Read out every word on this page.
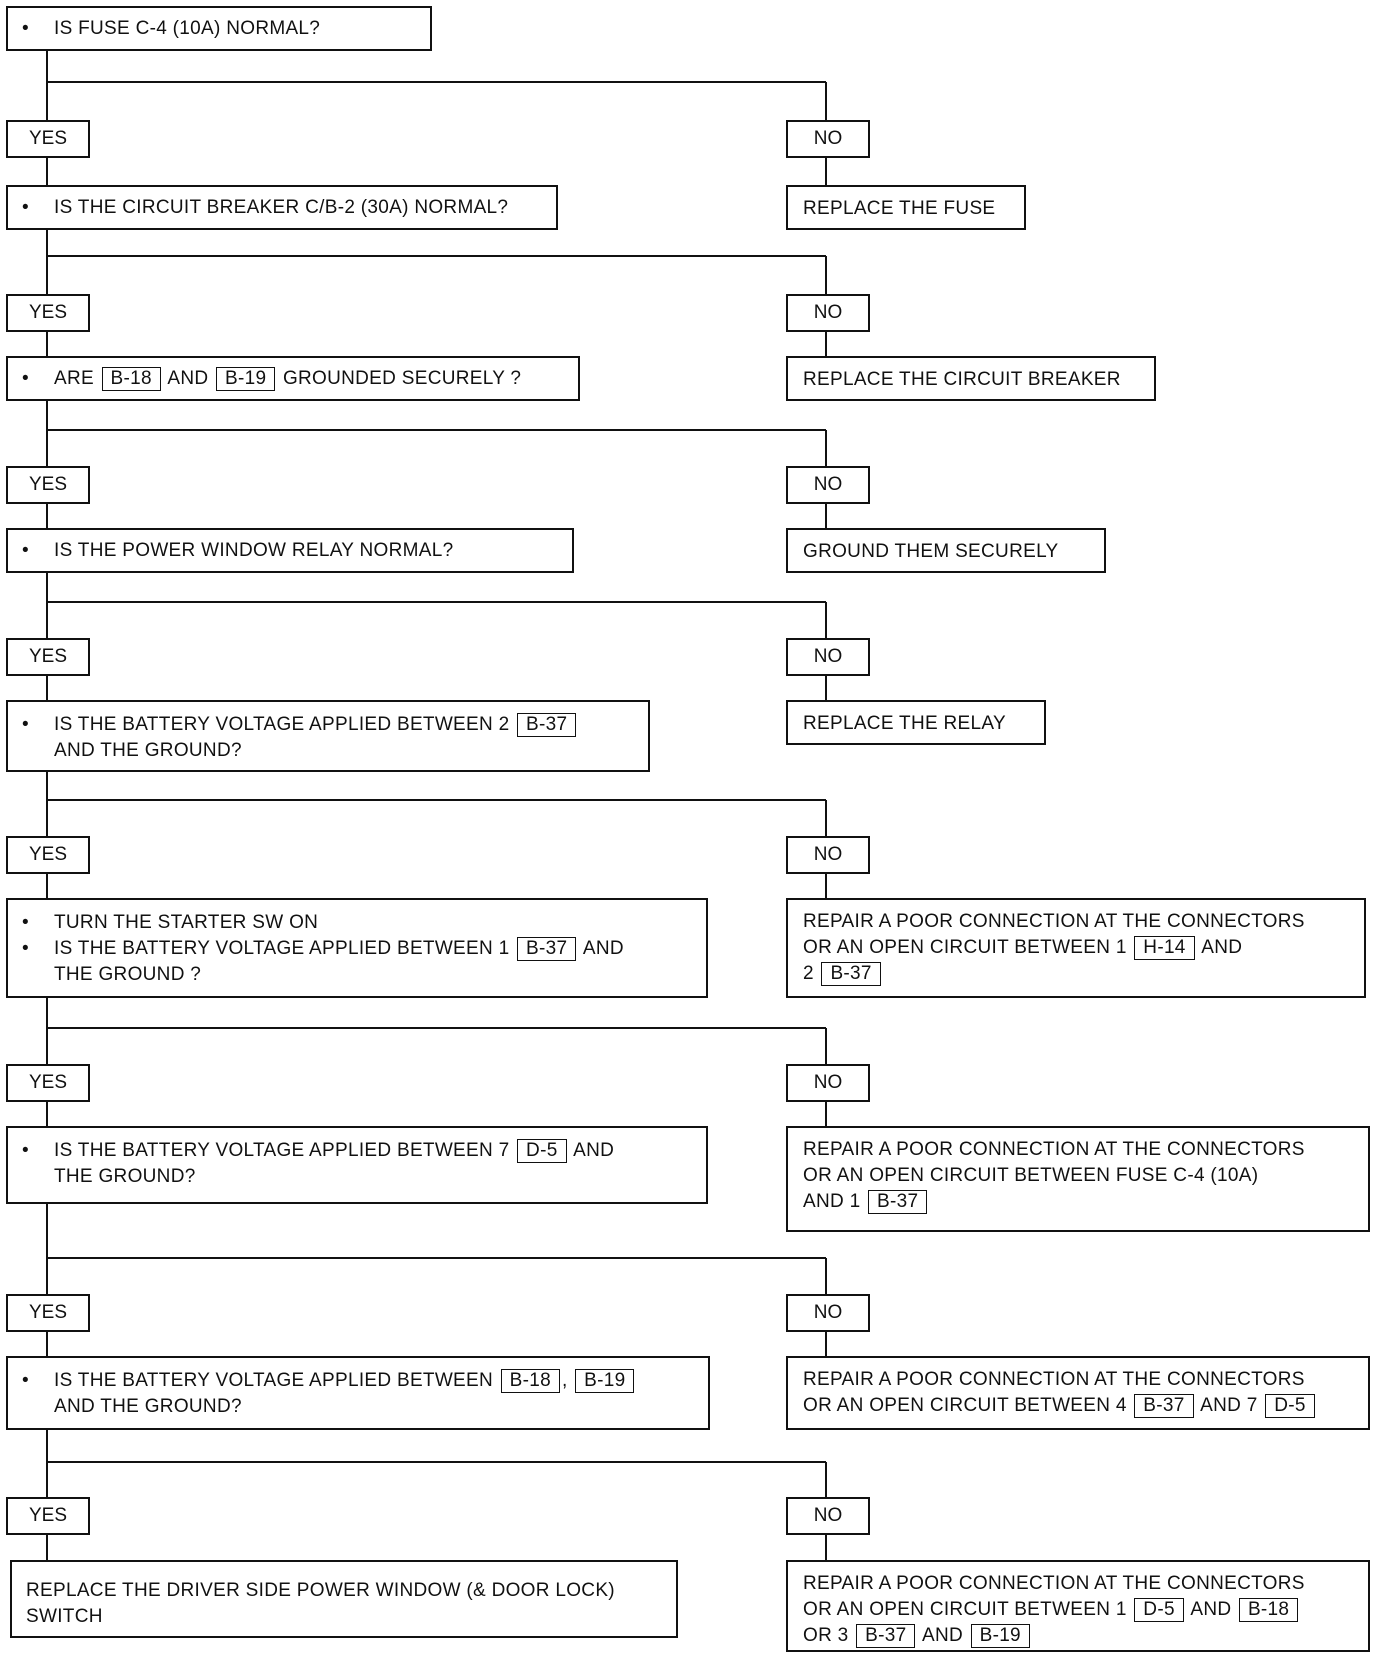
• IS FUSE C-4 (10A) NORMAL?
YES	NO
REPLACE THE FUSE
• IS THE CIRCUIT BREAKER C/B-2 (30A) NORMAL?
YES	NO
REPLACE THE CIRCUIT BREAKER
• ARE B-18 AND B-19 GROUNDED SECURELY ?
YES	NO
GROUND THEM SECURELY
• IS THE POWER WINDOW RELAY NORMAL?
YES	NO
REPLACE THE RELAY
• IS THE BATTERY VOLTAGE APPLIED BETWEEN 2 B-37
AND THE GROUND?
YES	NO
REPAIR A POOR CONNECTION AT THE CONNECTORS
OR AN OPEN CIRCUIT BETWEEN 1 H-14 AND
2 B-37
• TURN THE STARTER SW ON
• IS THE BATTERY VOLTAGE APPLIED BETWEEN 1 B-37 AND
THE GROUND ?
YES	NO
REPAIR A POOR CONNECTION AT THE CONNECTORS
OR AN OPEN CIRCUIT BETWEEN FUSE C-4 (10A)
AND 1 B-37
• IS THE BATTERY VOLTAGE APPLIED BETWEEN 7 D-5 AND
THE GROUND?
YES	NO
REPAIR A POOR CONNECTION AT THE CONNECTORS
OR AN OPEN CIRCUIT BETWEEN 4 B-37 AND 7 D-5
• IS THE BATTERY VOLTAGE APPLIED BETWEEN B-18 , B-19
AND THE GROUND?
YES	NO
REPAIR A POOR CONNECTION AT THE CONNECTORS
OR AN OPEN CIRCUIT BETWEEN 1 D-5 AND B-18
OR 3 B-37 AND B-19
REPLACE THE DRIVER SIDE POWER WINDOW (& DOOR LOCK)
SWITCH
